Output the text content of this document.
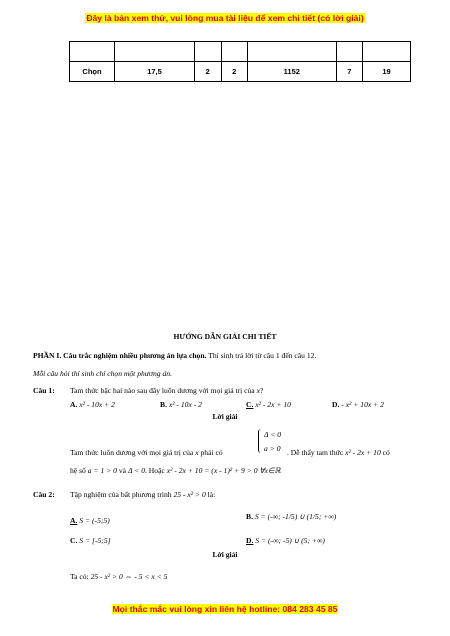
Đây là bản xem thử, vui lòng mua tài liệu để xem chi tiết (có lời giải)

Chọn	17,5	2	2	1152	7	19
HƯỚNG DẪN GIẢI CHI TIẾT
PHẦN I. Câu trắc nghiệm nhiều phương án lựa chọn. Thí sinh trả lời từ câu 1 đến câu 12.
Mỗi câu hỏi thí sinh chỉ chọn một phương án.
Câu 1: Tam thức bậc hai nào sau đây luôn dương với mọi giá trị của x?
A. x² - 10x + 2	B. x² - 10x - 2	C. x² - 2x + 10	D. - x² + 10x + 2
Lời giải
Δ < 0
a > 0
Tam thức luôn dương với mọi giá trị của x phải có	. Dễ thấy tam thức x² - 2x + 10 có
hệ số a = 1 > 0 và Δ < 0. Hoặc x² - 2x + 10 = (x - 1)² + 9 > 0 ∀x∈ℝ
Câu 2: Tập nghiệm của bất phương trình 25 - x² > 0 là:
A. S = (-5;5)	B. S = (-∞; -1/5) ∪ (1/5; +∞)
C. S = [-5;5]	D. S = (-∞; -5) ∪ (5; +∞)
Lời giải
Ta có: 25 - x² > 0 ⇔ - 5 < x < 5
Mọi thắc mắc vui lòng xin liên hệ hotline: 084 283 45 85
